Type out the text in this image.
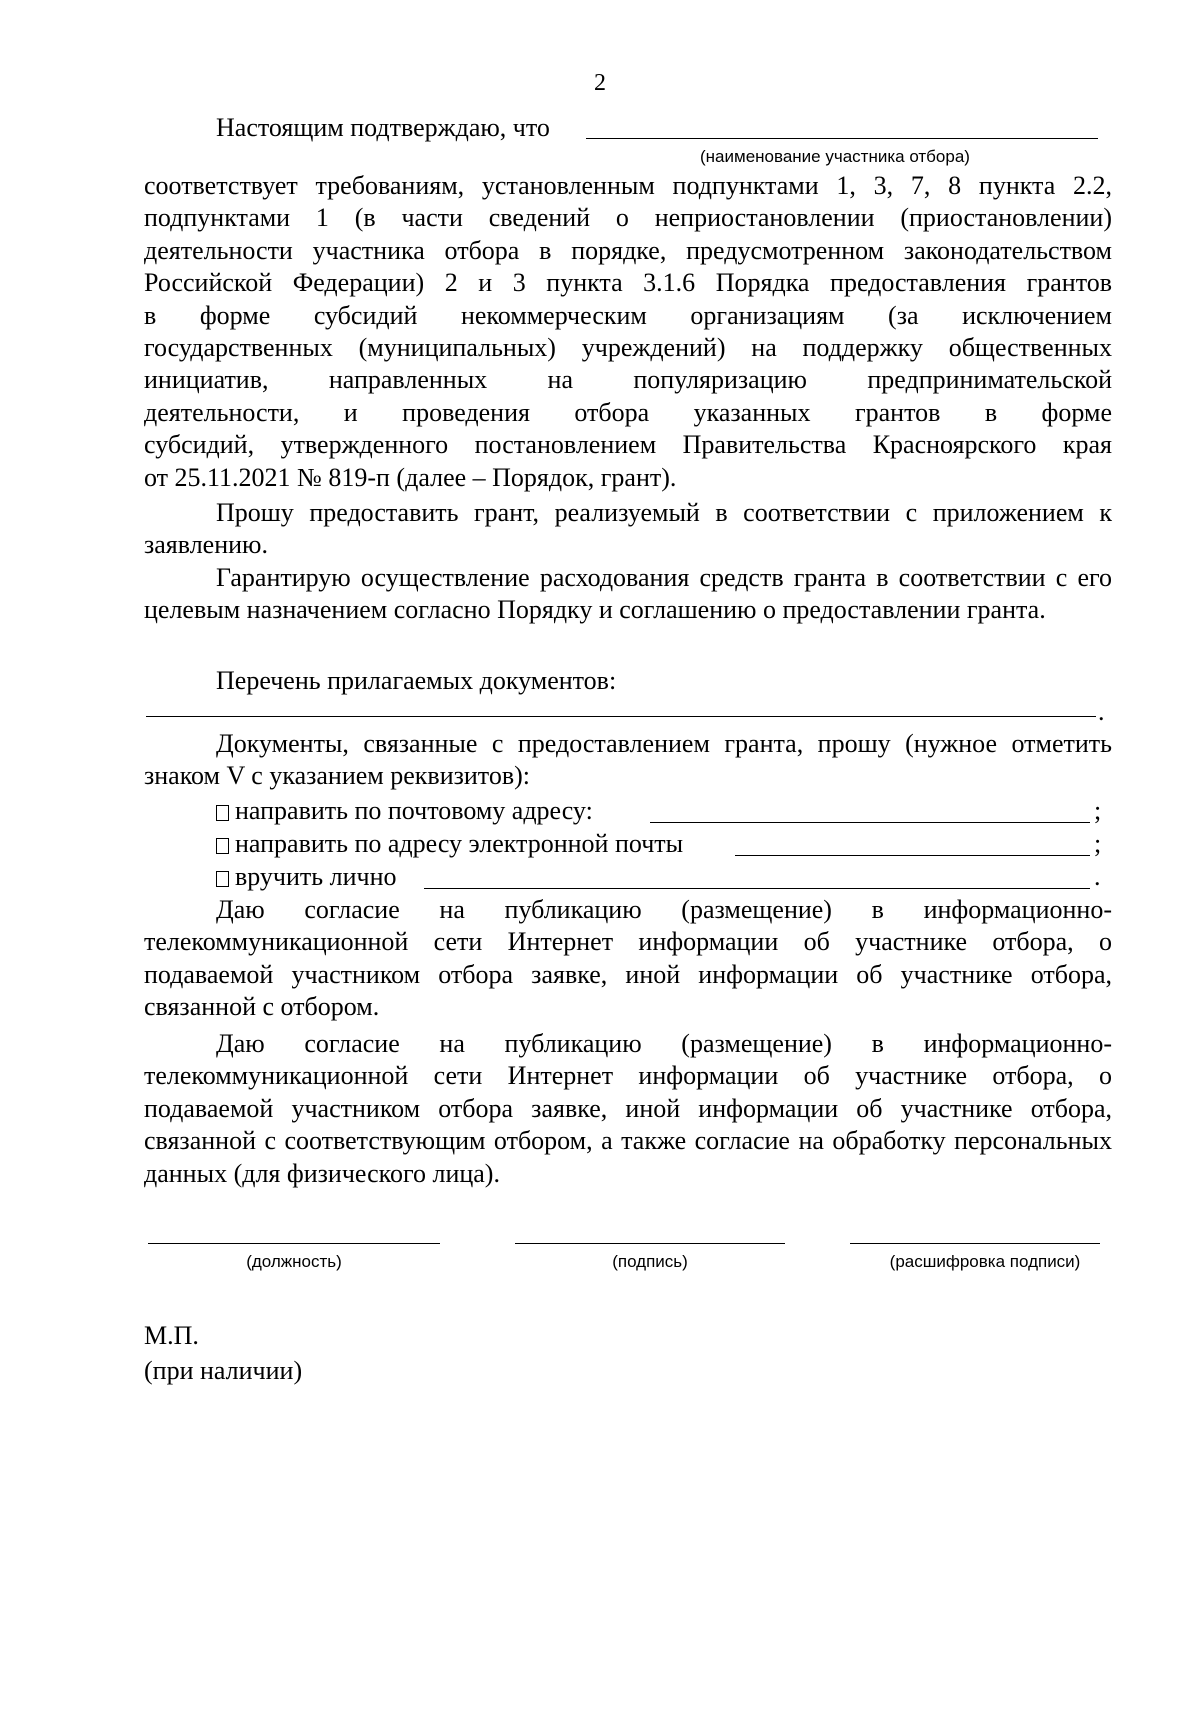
2
Настоящим подтверждаю, что
(наименование участника отбора)
соответствует требованиям, установленным подпунктами 1, 3, 7, 8 пункта 2.2,
подпунктами 1 (в части сведений о неприостановлении (приостановлении)
деятельности участника отбора в порядке, предусмотренном законодательством
Российской Федерации) 2 и 3 пункта 3.1.6 Порядка предоставления грантов
в форме субсидий некоммерческим организациям (за исключением
государственных (муниципальных) учреждений) на поддержку общественных
инициатив, направленных на популяризацию предпринимательской
деятельности, и проведения отбора указанных грантов в форме
субсидий, утвержденного постановлением Правительства Красноярского края
от 25.11.2021 № 819-п (далее – Порядок, грант).
Прошу предоставить грант, реализуемый в соответствии с приложением к заявлению.
Гарантирую осуществление расходования средств гранта в соответствии с его целевым назначением согласно Порядку и соглашению о предоставлении гранта.
Перечень прилагаемых документов:
.
Документы, связанные с предоставлением гранта, прошу (нужное отметить знаком V с указанием реквизитов):
направить по почтовому адресу:	;
направить по адресу электронной почты	;
вручить лично	.
Даю согласие на публикацию (размещение) в информационно-телекоммуникационной сети Интернет информации об участнике отбора, о подаваемой участником отбора заявке, иной информации об участнике отбора, связанной с отбором.
Даю согласие на публикацию (размещение) в информационно-телекоммуникационной сети Интернет информации об участнике отбора, о подаваемой участником отбора заявке, иной информации об участнике отбора, связанной с соответствующим отбором, а также согласие на обработку персональных данных (для физического лица).
(должность)	(подпись)	(расшифровка подписи)
М.П.
(при наличии)
